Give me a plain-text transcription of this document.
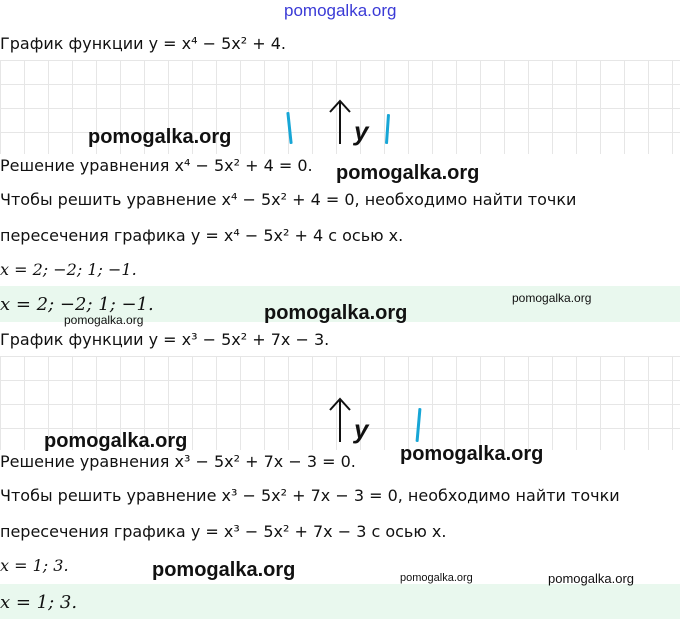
pomogalka.org
График функции y = x⁴ − 5x² + 4.
y
Решение уравнения x⁴ − 5x² + 4 = 0.
Чтобы решить уравнение x⁴ − 5x² + 4 = 0, необходимо найти точки
пересечения графика y = x⁴ − 5x² + 4 с осью x.
x = 2; −2; 1; −1.
x = 2; −2; 1; −1.
График функции y = x³ − 5x² + 7x − 3.
y
Решение уравнения x³ − 5x² + 7x − 3 = 0.
Чтобы решить уравнение x³ − 5x² + 7x − 3 = 0, необходимо найти точки
пересечения графика y = x³ − 5x² + 7x − 3 с осью x.
x = 1; 3.
x = 1; 3.
pomogalka.org
pomogalka.org
pomogalka.org
pomogalka.org
pomogalka.org
pomogalka.org
pomogalka.org
pomogalka.org	pomogalka.org	pomogalka.org
